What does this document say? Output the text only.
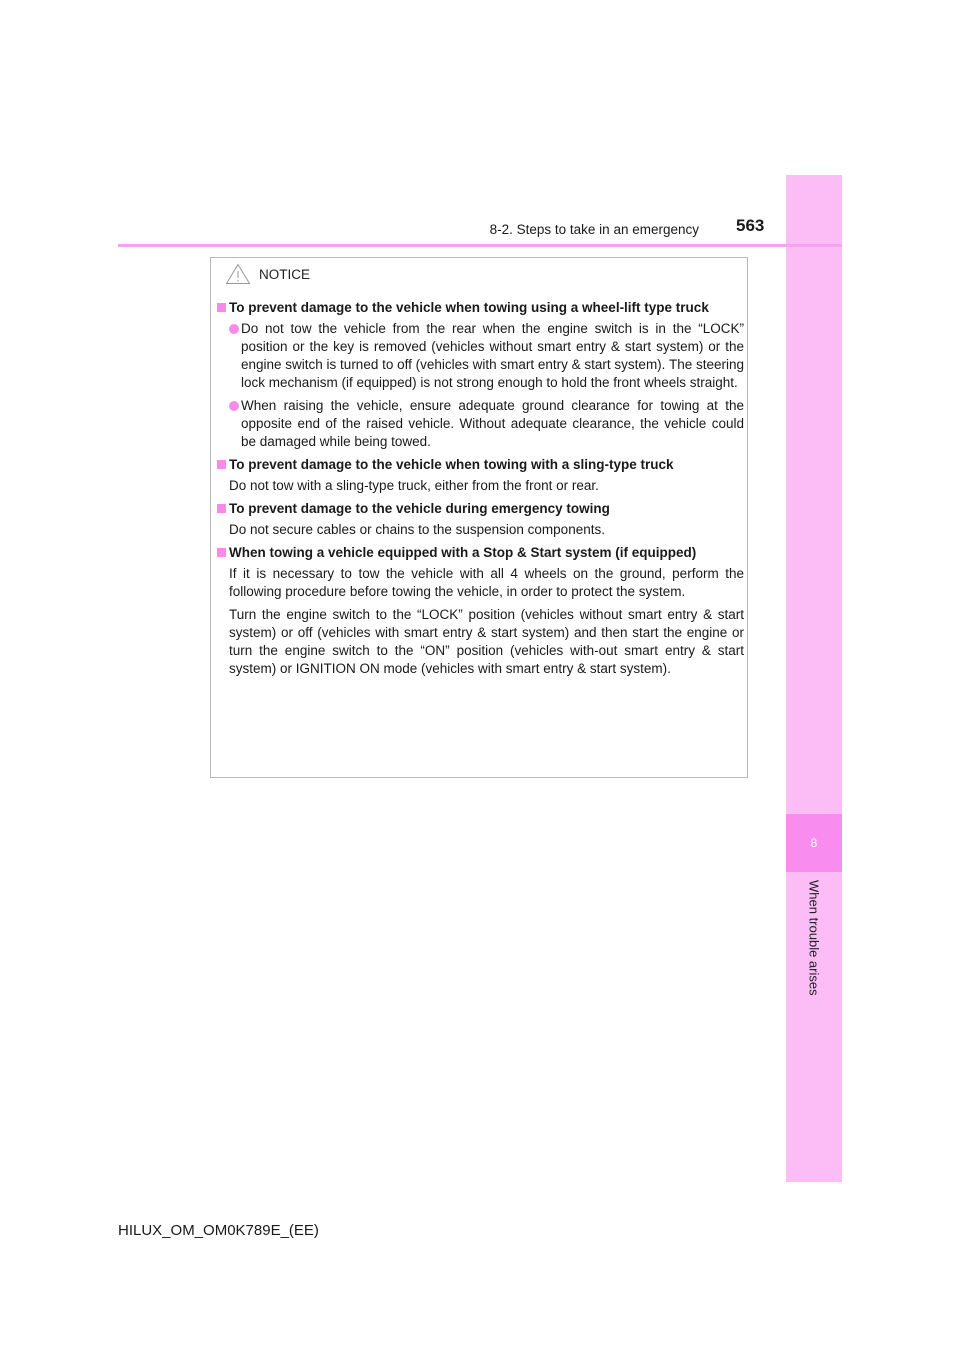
8
When trouble arises
8-2. Steps to take in an emergency 563
NOTICE
To prevent damage to the vehicle when towing using a wheel-lift type truck
Do not tow the vehicle from the rear when the engine switch is in the “LOCK” position or the key is removed (vehicles without smart entry & start system) or the engine switch is turned to off (vehicles with smart entry & start system). The steering lock mechanism (if equipped) is not strong enough to hold the front wheels straight.
When raising the vehicle, ensure adequate ground clearance for towing at the opposite end of the raised vehicle. Without adequate clearance, the vehicle could be damaged while being towed.
To prevent damage to the vehicle when towing with a sling-type truck
Do not tow with a sling-type truck, either from the front or rear.
To prevent damage to the vehicle during emergency towing
Do not secure cables or chains to the suspension components.
When towing a vehicle equipped with a Stop & Start system (if equipped)
If it is necessary to tow the vehicle with all 4 wheels on the ground, perform the following procedure before towing the vehicle, in order to protect the system.
Turn the engine switch to the “LOCK” position (vehicles without smart entry & start system) or off (vehicles with smart entry & start system) and then start the engine or turn the engine switch to the “ON” position (vehicles with-out smart entry & start system) or IGNITION ON mode (vehicles with smart entry & start system).
HILUX_OM_OM0K789E_(EE)
